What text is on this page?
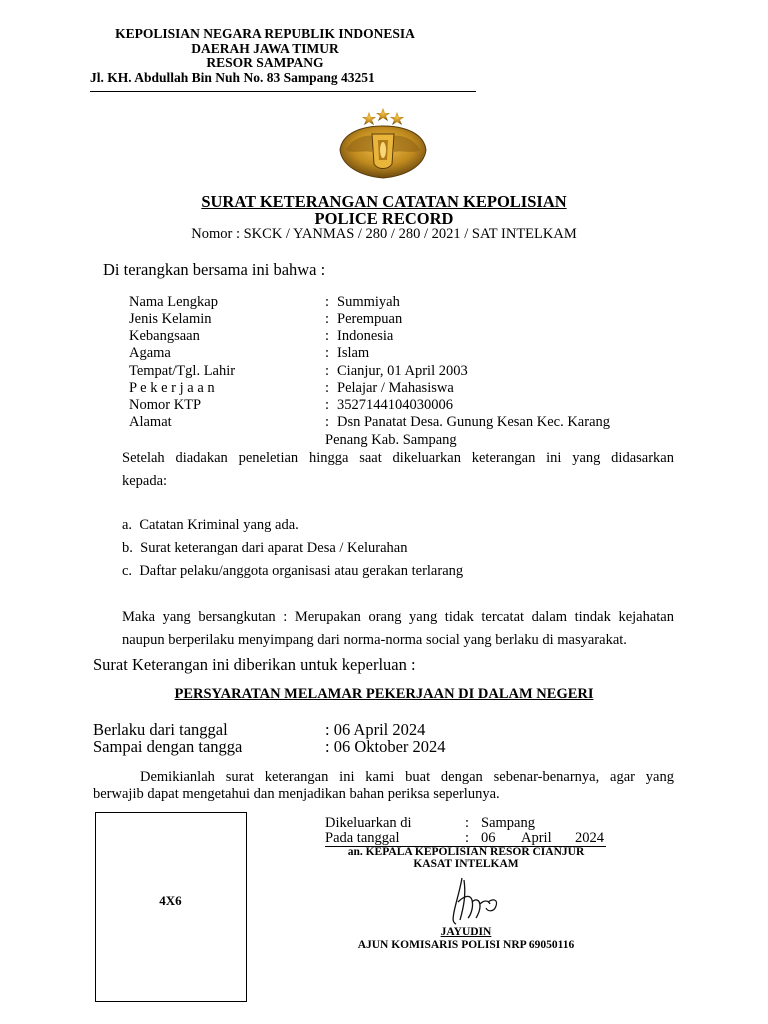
KEPOLISIAN NEGARA REPUBLIK INDONESIA
DAERAH JAWA TIMUR
RESOR SAMPANG
Jl. KH. Abdullah Bin Nuh No. 83 Sampang 43251
SURAT KETERANGAN CATATAN KEPOLISIAN
POLICE RECORD
Nomor : SKCK / YANMAS / 280 / 280 / 2021 / SAT INTELKAM
Di terangkan bersama ini bahwa :
Nama Lengkap	: Summiyah
Jenis Kelamin	: Perempuan
Kebangsaan	: Indonesia
Agama	: Islam
Tempat/Tgl. Lahir	: Cianjur, 01 April 2003
P e k e r j a a n	: Pelajar / Mahasiswa
Nomor KTP	: 3527144104030006
Alamat	: Dsn Panatat Desa. Gunung Kesan Kec. Karang
Penang Kab. Sampang
Setelah diadakan peneletian hingga saat dikeluarkan keterangan ini yang didasarkan
kepada:
a. Catatan Kriminal yang ada.
b. Surat keterangan dari aparat Desa / Kelurahan
c. Daftar pelaku/anggota organisasi atau gerakan terlarang
Maka yang bersangkutan : Merupakan orang yang tidak tercatat dalam tindak kejahatan
naupun berperilaku menyimpang dari norma-norma social yang berlaku di masyarakat.
Surat Keterangan ini diberikan untuk keperluan :
PERSYARATAN MELAMAR PEKERJAAN DI DALAM NEGERI
Berlaku dari tanggal	: 06 April 2024
Sampai dengan tangga	: 06 Oktober 2024
Demikianlah surat keterangan ini kami buat dengan sebenar-benarnya, agar yang
berwajib dapat mengetahui dan menjadikan bahan periksa seperlunya.
4X6
Dikeluarkan di	: Sampang
Pada tanggal	: 06 April 2024
an. KEPALA KEPOLISIAN RESOR CIANJUR
KASAT INTELKAM
JAYUDIN
AJUN KOMISARIS POLISI NRP 69050116
